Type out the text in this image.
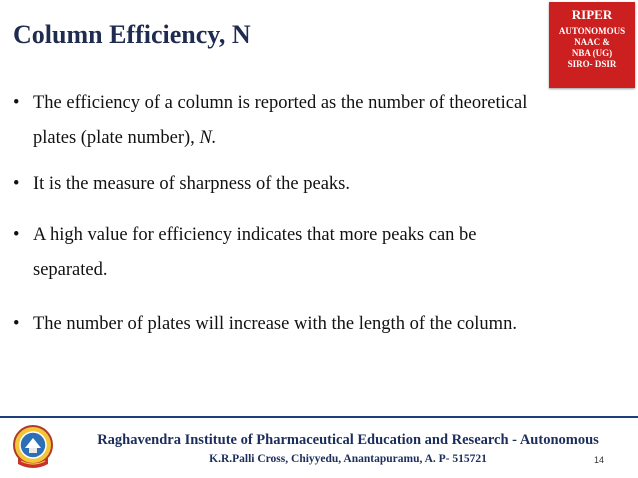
Column Efficiency, N
RIPER
AUTONOMOUS
NAAC &
NBA (UG)
SIRO- DSIR
• The efficiency of a column is reported as the number of theoretical
plates (plate number), N.
• It is the measure of sharpness of the peaks.
• A high value for efficiency indicates that more peaks can be
separated.
• The number of plates will increase with the length of the column.
Raghavendra Institute of Pharmaceutical Education and Research - Autonomous
K.R.Palli Cross, Chiyyedu, Anantapuramu, A. P- 515721	14
